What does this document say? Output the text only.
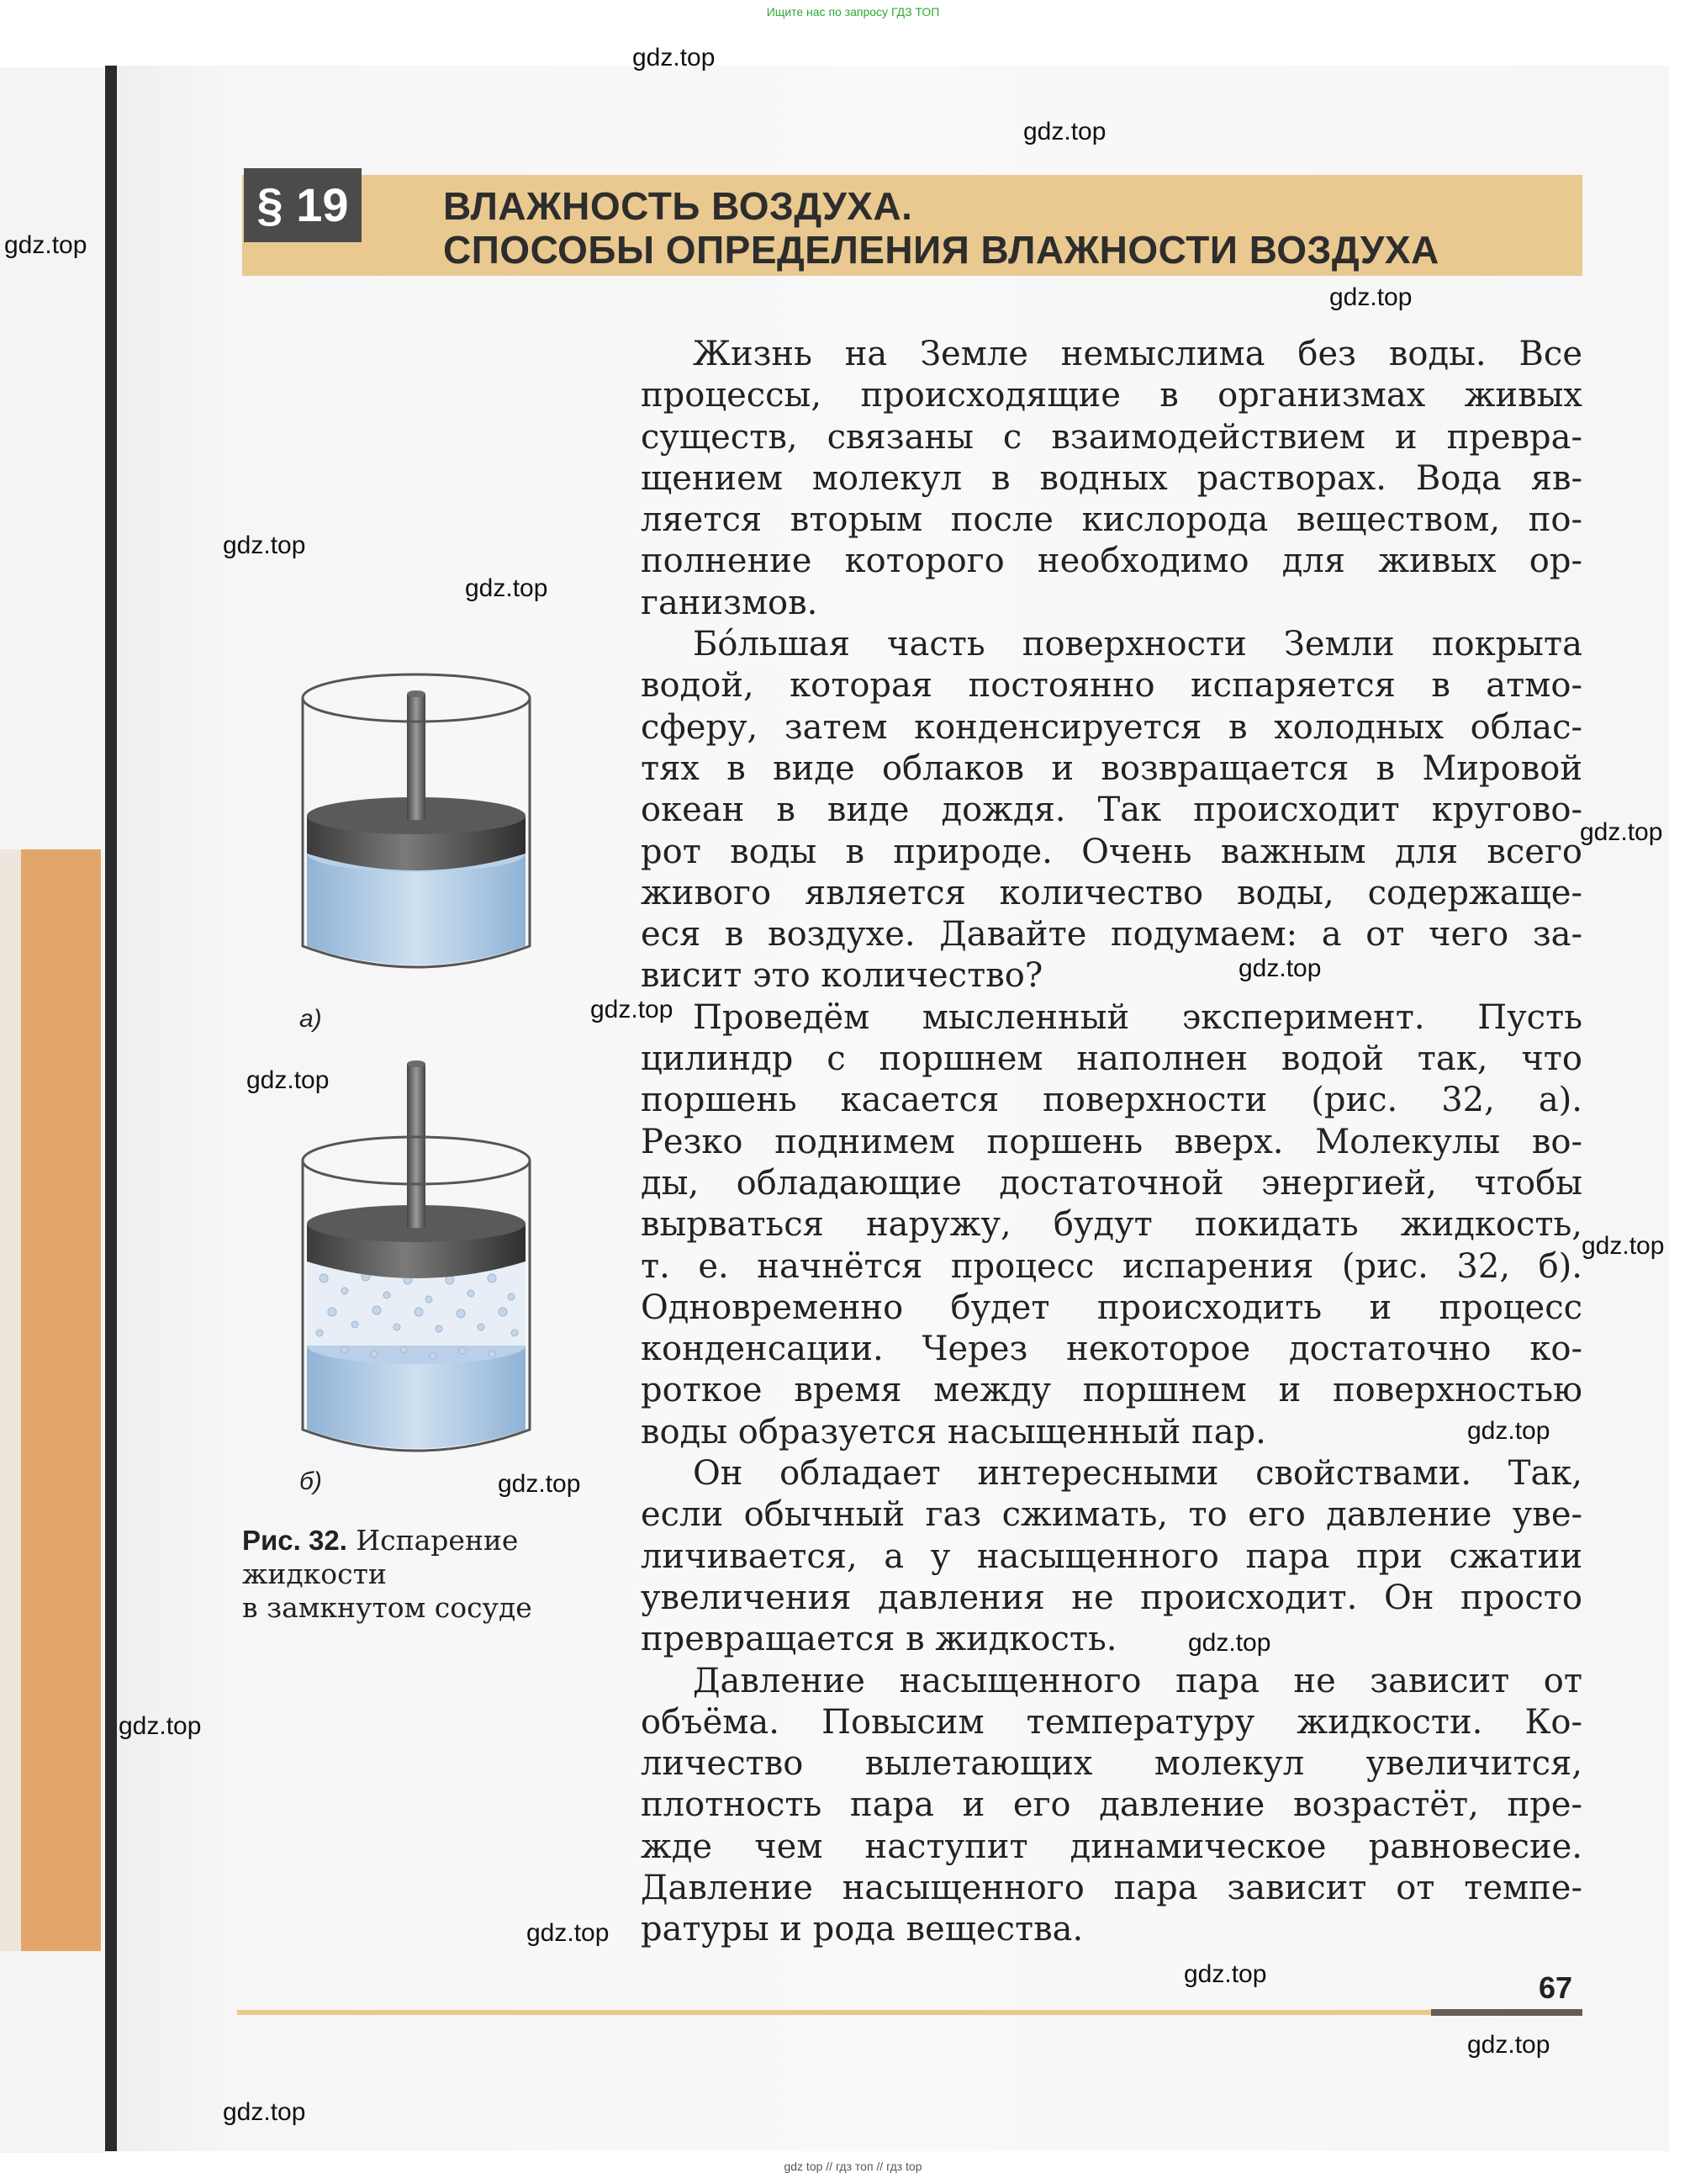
Ищите нас по запросу ГДЗ ТОП
§ 19	ВЛАЖНОСТЬ ВОЗДУХА.
СПОСОБЫ ОПРЕДЕЛЕНИЯ ВЛАЖНОСТИ ВОЗДУХА
Жизнь на Земле немыслима без воды. Все
процессы, происходящие в организмах живых
существ, связаны с взаимодействием и превра-
щением молекул в водных растворах. Вода яв-
ляется вторым после кислорода веществом, по-
полнение которого необходимо для живых ор-
ганизмов.
Бóльшая часть поверхности Земли покрыта
водой, которая постоянно испаряется в атмо-
сферу, затем конденсируется в холодных облас-
тях в виде облаков и возвращается в Мировой
океан в виде дождя. Так происходит кругово-
рот воды в природе. Очень важным для всего
живого является количество воды, содержаще-
еся в воздухе. Давайте подумаем: а от чего за-
висит это количество?
Проведём мысленный эксперимент. Пусть
цилиндр с поршнем наполнен водой так, что
поршень касается поверхности (рис. 32, а).
Резко поднимем поршень вверх. Молекулы во-
ды, обладающие достаточной энергией, чтобы
вырваться наружу, будут покидать жидкость,
т. е. начнётся процесс испарения (рис. 32, б).
Одновременно будет происходить и процесс
конденсации. Через некоторое достаточно ко-
роткое время между поршнем и поверхностью
воды образуется насыщенный пар.
Он обладает интересными свойствами. Так,
если обычный газ сжимать, то его давление уве-
личивается, а у насыщенного пара при сжатии
увеличения давления не происходит. Он просто
превращается в жидкость.
Давление насыщенного пара не зависит от
объёма. Повысим температуру жидкости. Ко-
личество вылетающих молекул увеличится,
плотность пара и его давление возрастёт, пре-
жде чем наступит динамическое равновесие.
Давление насыщенного пара зависит от темпе-
ратуры и рода вещества.
а)
б)
Рис. 32. Испарение
жидкости
в замкнутом сосуде
67
gdz.top
gdz.top
gdz.top
gdz.top
gdz.top
gdz.top
gdz.top
gdz.top
gdz.top
gdz.top
gdz.top
gdz.top
gdz.top
gdz.top
gdz.top
gdz.top
gdz.top
gdz.top
gdz.top
gdz top // гдз топ // гдз top
